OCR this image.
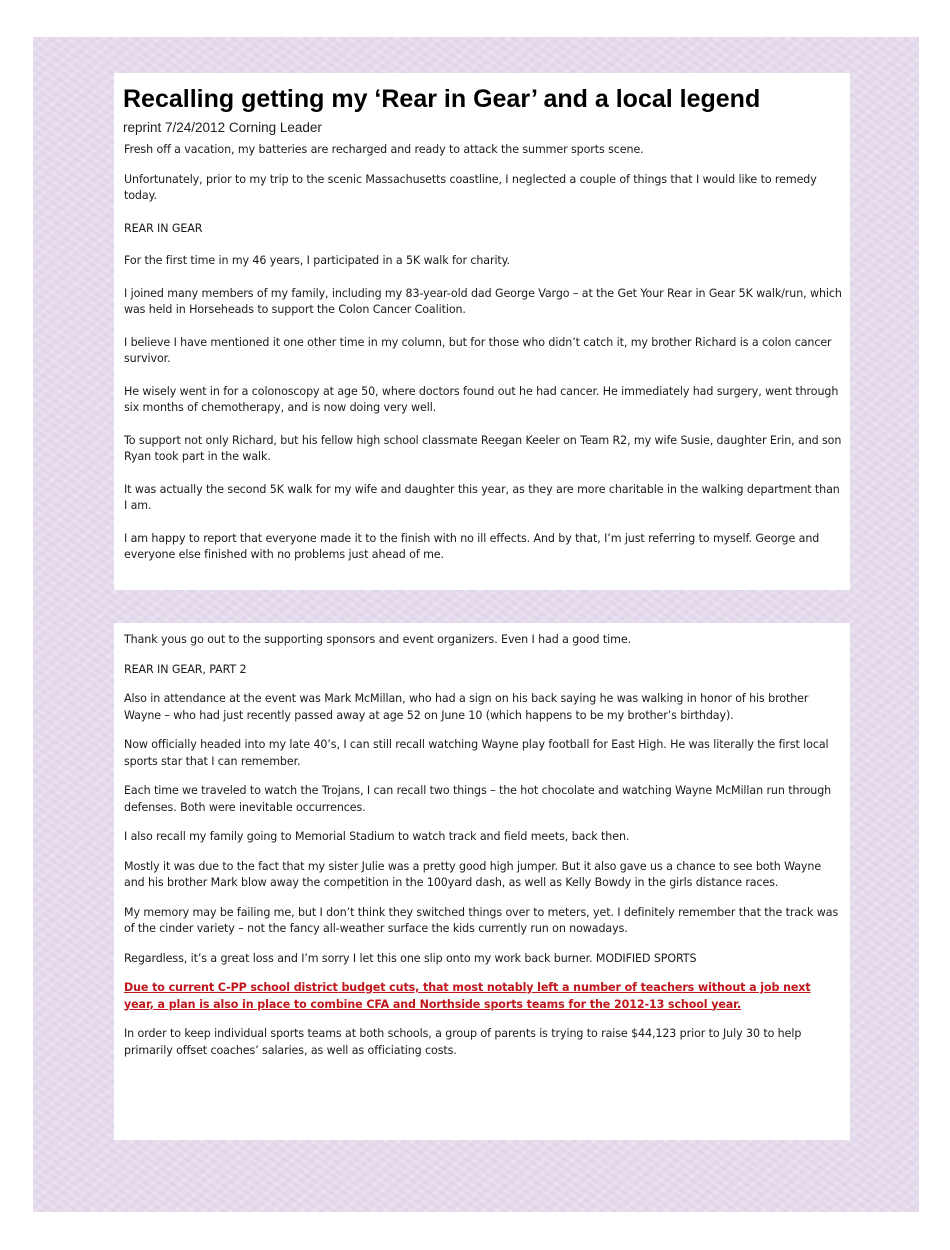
Recalling getting my ‘Rear in Gear’ and a local legend
reprint 7/24/2012 Corning Leader

Fresh off a vacation, my batteries are recharged and ready to attack the summer sports scene.

Unfortunately, prior to my trip to the scenic Massachusetts coastline, I neglected a couple of things that I would like to remedy today.

REAR IN GEAR

For the first time in my 46 years, I participated in a 5K walk for charity.

I joined many members of my family, including my 83-year-old dad George Vargo – at the Get Your Rear in Gear 5K walk/run, which was held in Horseheads to support the Colon Cancer Coalition.

I believe I have mentioned it one other time in my column, but for those who didn’t catch it, my brother Richard is a colon cancer survivor.

He wisely went in for a colonoscopy at age 50, where doctors found out he had cancer. He immediately had surgery, went through six months of chemotherapy, and is now doing very well.

To support not only Richard, but his fellow high school classmate Reegan Keeler on Team R2, my wife Susie, daughter Erin, and son Ryan took part in the walk.

It was actually the second 5K walk for my wife and daughter this year, as they are more charitable in the walking department than I am.

I am happy to report that everyone made it to the finish with no ill effects. And by that, I’m just referring to myself. George and everyone else finished with no problems just ahead of me.

Thank yous go out to the supporting sponsors and event organizers. Even I had a good time.

REAR IN GEAR, PART 2

Also in attendance at the event was Mark McMillan, who had a sign on his back saying he was walking in honor of his brother Wayne – who had just recently passed away at age 52 on June 10 (which happens to be my brother’s birthday).

Now officially headed into my late 40’s, I can still recall watching Wayne play football for East High. He was literally the first local sports star that I can remember.

Each time we traveled to watch the Trojans, I can recall two things – the hot chocolate and watching Wayne McMillan run through defenses. Both were inevitable occurrences.

I also recall my family going to Memorial Stadium to watch track and field meets, back then.

Mostly it was due to the fact that my sister Julie was a pretty good high jumper. But it also gave us a chance to see both Wayne and his brother Mark blow away the competition in the 100yard dash, as well as Kelly Bowdy in the girls distance races.

My memory may be failing me, but I don’t think they switched things over to meters, yet. I definitely remember that the track was of the cinder variety – not the fancy all-weather surface the kids currently run on nowadays.

Regardless, it’s a great loss and I’m sorry I let this one slip onto my work back burner. MODIFIED SPORTS

Due to current C-PP school district budget cuts, that most notably left a number of teachers without a job next year, a plan is also in place to combine CFA and Northside sports teams for the 2012-13 school year.

In order to keep individual sports teams at both schools, a group of parents is trying to raise $44,123 prior to July 30 to help primarily offset coaches’ salaries, as well as officiating costs.
